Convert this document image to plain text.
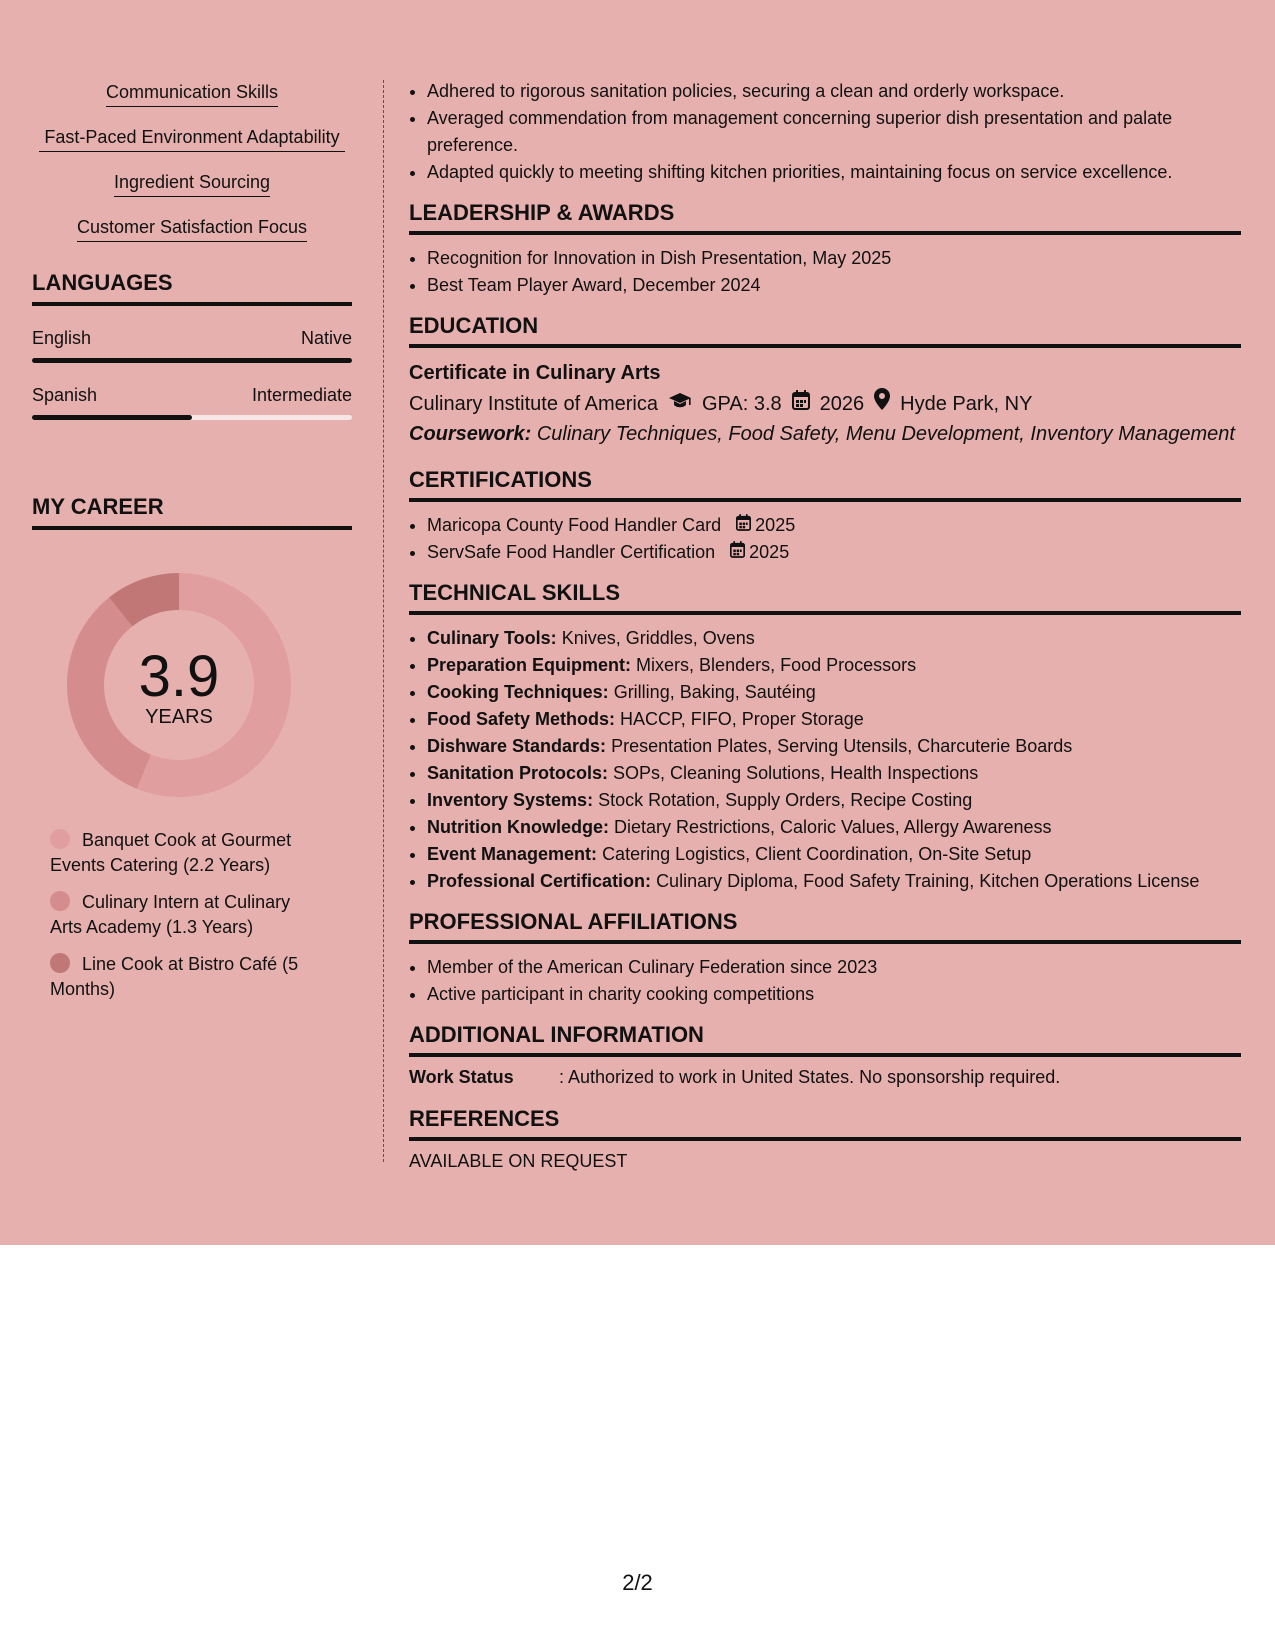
Communication Skills
Fast-Paced Environment Adaptability
Ingredient Sourcing
Customer Satisfaction Focus
LANGUAGES
English	Native
Spanish	Intermediate
MY CAREER
3.9
YEARS
Banquet Cook at Gourmet Events Catering (2.2 Years)
Culinary Intern at Culinary Arts Academy (1.3 Years)
Line Cook at Bistro Café (5 Months)
• Adhered to rigorous sanitation policies, securing a clean and orderly workspace.
• Averaged commendation from management concerning superior dish presentation and palate preference.
• Adapted quickly to meeting shifting kitchen priorities, maintaining focus on service excellence.
LEADERSHIP & AWARDS
• Recognition for Innovation in Dish Presentation, May 2025
• Best Team Player Award, December 2024
EDUCATION
Certificate in Culinary Arts
Culinary Institute of America GPA: 3.8 2026 Hyde Park, NY
Coursework: Culinary Techniques, Food Safety, Menu Development, Inventory Management
CERTIFICATIONS
• Maricopa County Food Handler Card 2025
• ServSafe Food Handler Certification 2025
TECHNICAL SKILLS
• Culinary Tools: Knives, Griddles, Ovens
• Preparation Equipment: Mixers, Blenders, Food Processors
• Cooking Techniques: Grilling, Baking, Sautéing
• Food Safety Methods: HACCP, FIFO, Proper Storage
• Dishware Standards: Presentation Plates, Serving Utensils, Charcuterie Boards
• Sanitation Protocols: SOPs, Cleaning Solutions, Health Inspections
• Inventory Systems: Stock Rotation, Supply Orders, Recipe Costing
• Nutrition Knowledge: Dietary Restrictions, Caloric Values, Allergy Awareness
• Event Management: Catering Logistics, Client Coordination, On-Site Setup
• Professional Certification: Culinary Diploma, Food Safety Training, Kitchen Operations License
PROFESSIONAL AFFILIATIONS
• Member of the American Culinary Federation since 2023
• Active participant in charity cooking competitions
ADDITIONAL INFORMATION
Work Status	: Authorized to work in United States. No sponsorship required.
REFERENCES
AVAILABLE ON REQUEST
2/2
